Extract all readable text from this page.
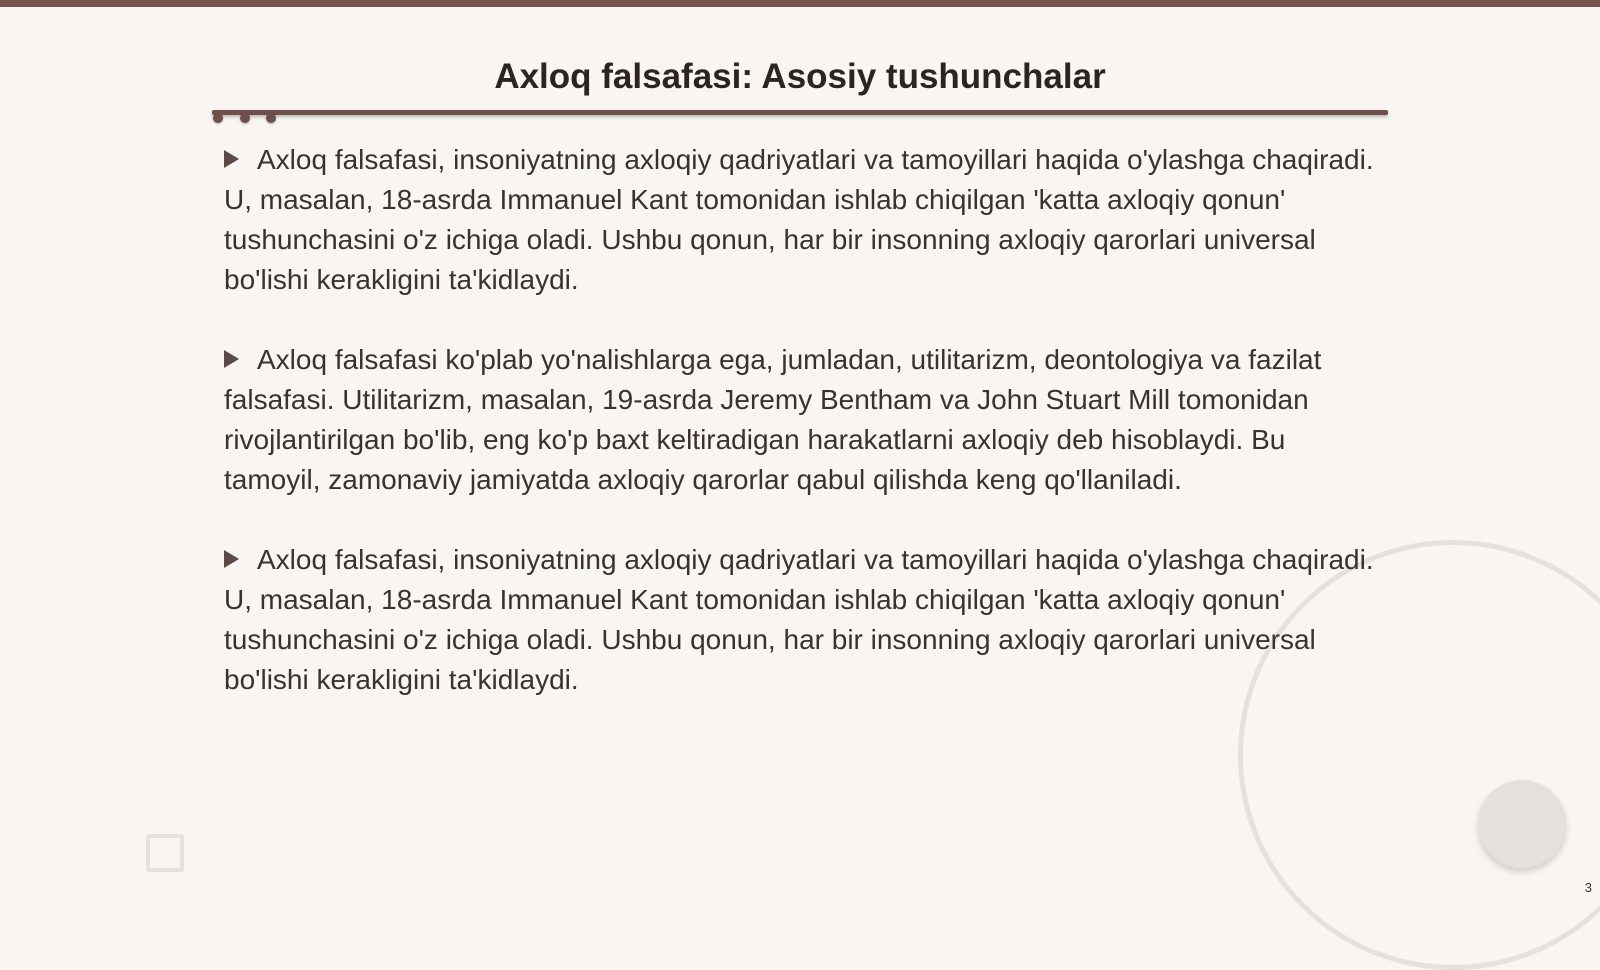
Axloq falsafasi: Asosiy tushunchalar

Axloq falsafasi, insoniyatning axloqiy qadriyatlari va tamoyillari haqida o'ylashga chaqiradi. U, masalan, 18-asrda Immanuel Kant tomonidan ishlab chiqilgan 'katta axloqiy qonun' tushunchasini o'z ichiga oladi. Ushbu qonun, har bir insonning axloqiy qarorlari universal bo'lishi kerakligini ta'kidlaydi.

Axloq falsafasi ko'plab yo'nalishlarga ega, jumladan, utilitarizm, deontologiya va fazilat falsafasi. Utilitarizm, masalan, 19-asrda Jeremy Bentham va John Stuart Mill tomonidan rivojlantirilgan bo'lib, eng ko'p baxt keltiradigan harakatlarni axloqiy deb hisoblaydi. Bu tamoyil, zamonaviy jamiyatda axloqiy qarorlar qabul qilishda keng qo'llaniladi.

Axloq falsafasi, insoniyatning axloqiy qadriyatlari va tamoyillari haqida o'ylashga chaqiradi. U, masalan, 18-asrda Immanuel Kant tomonidan ishlab chiqilgan 'katta axloqiy qonun' tushunchasini o'z ichiga oladi. Ushbu qonun, har bir insonning axloqiy qarorlari universal bo'lishi kerakligini ta'kidlaydi.

3
